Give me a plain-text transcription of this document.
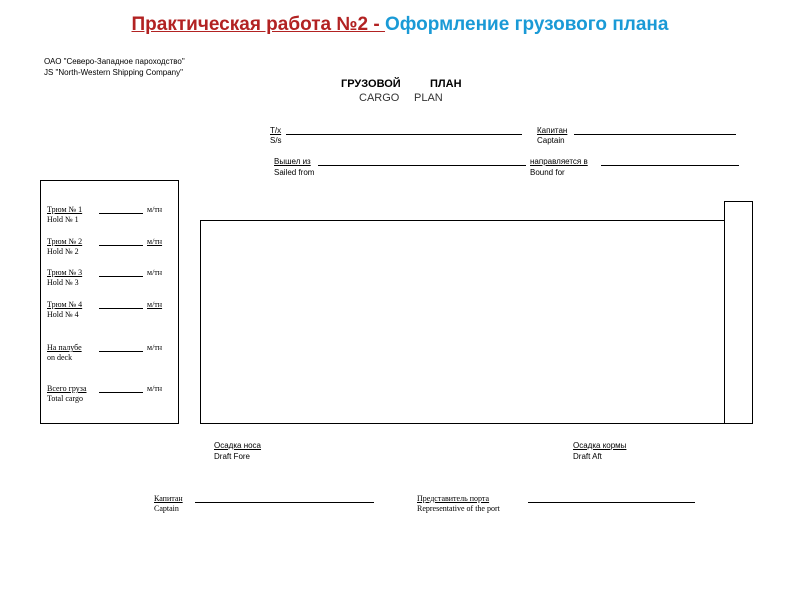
Практическая работа №2 - Оформление грузового плана
ОАО "Северо-Западное пароходство"
JS "North-Western Shipping Company"
ГРУЗОВОЙ	ПЛАН
CARGO PLAN
Т/х
S/s
Капитан
Captain
Вышел из
Sailed from
направляется в
Bound for
Трюм № 1
Hold № 1
м/тн
Трюм № 2
Hold № 2
м/тн
Трюм № 3
Hold № 3
м/тн
Трюм № 4
Hold № 4
м/тн
На палубе
on deck
м/тн
Всего груза
Total cargo
м/тн
Осадка носа
Draft Fore
Осадка кормы
Draft Aft
Капитан
Captain
Представитель порта
Representative of the port
